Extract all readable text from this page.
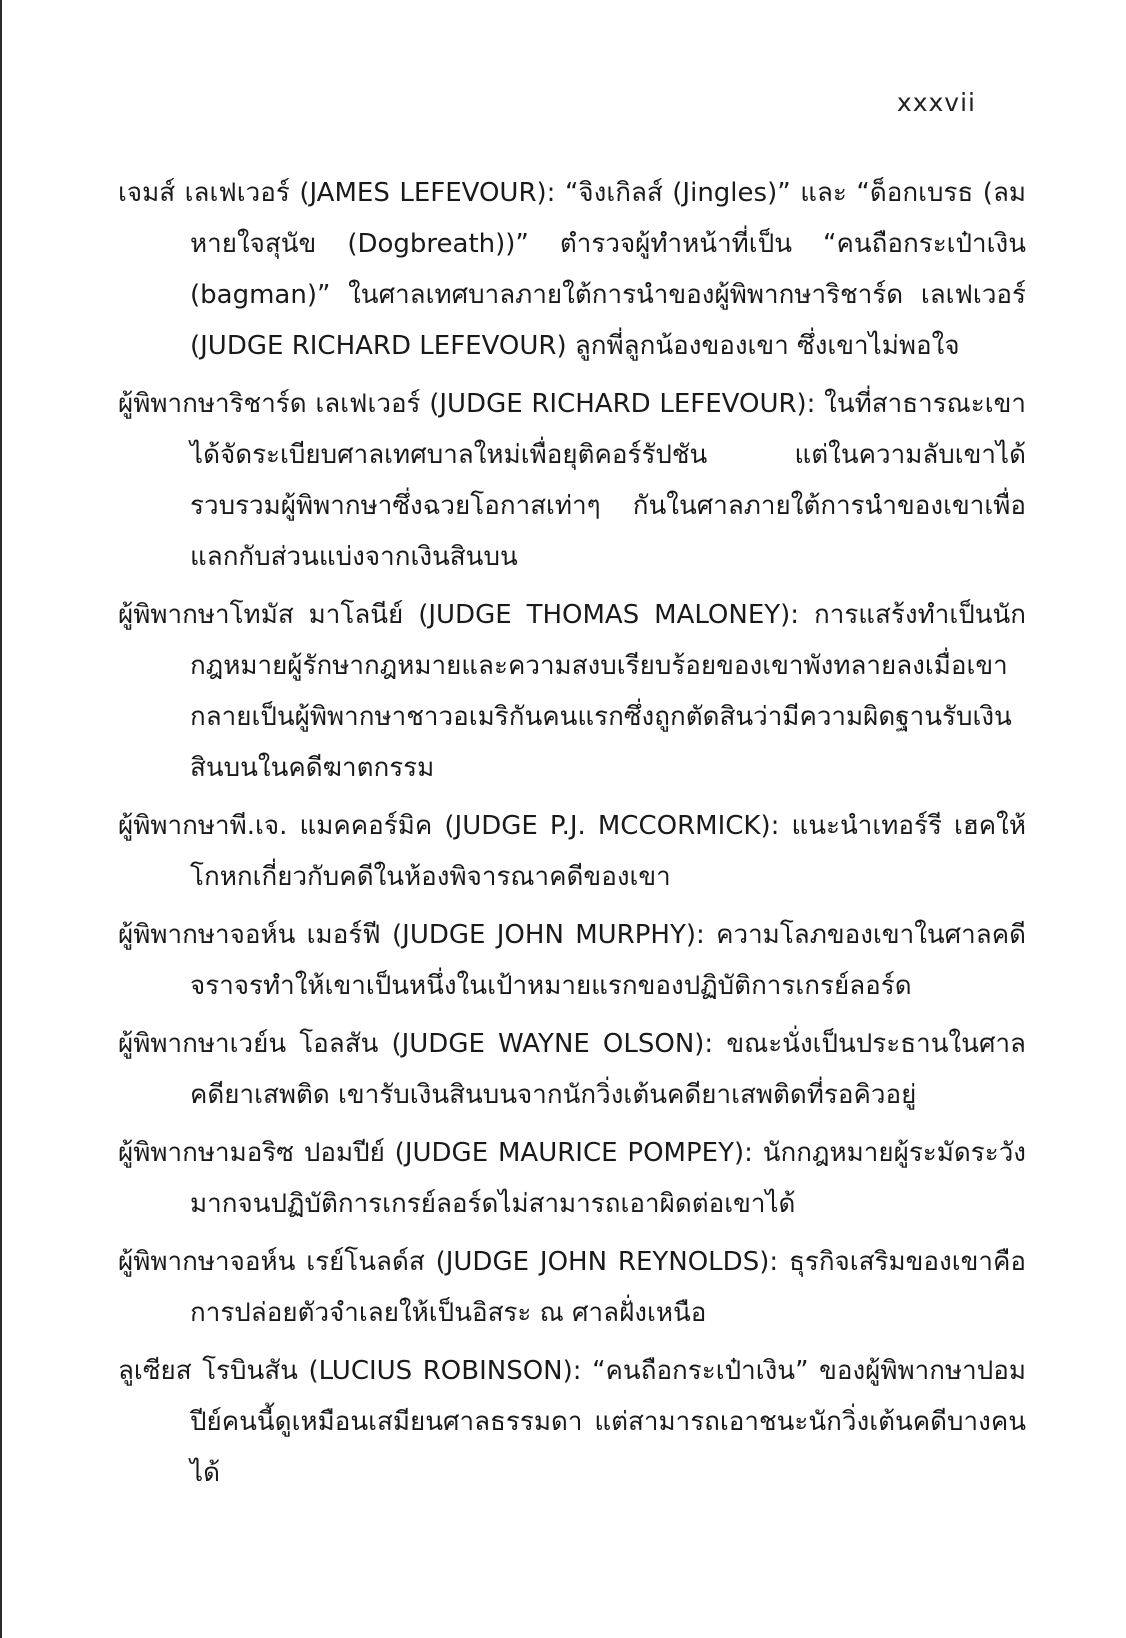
xxxvii

เจมส์ เลเฟเวอร์ (JAMES LEFEVOUR): “จิงเกิลส์ (Jingles)” และ “ด็อกเบรธ (ลมหายใจสุนัข (Dogbreath))” ตำรวจผู้ทำหน้าที่เป็น “คนถือกระเป๋าเงิน (bagman)” ในศาลเทศบาลภายใต้การนำของผู้พิพากษาริชาร์ด เลเฟเวอร์ (JUDGE RICHARD LEFEVOUR) ลูกพี่ลูกน้องของเขา ซึ่งเขาไม่พอใจ

ผู้พิพากษาริชาร์ด เลเฟเวอร์ (JUDGE RICHARD LEFEVOUR): ในที่สาธารณะเขาได้จัดระเบียบศาลเทศบาลใหม่เพื่อยุติคอร์รัปชัน แต่ในความลับเขาได้รวบรวมผู้พิพากษาซึ่งฉวยโอกาสเท่าๆ กันในศาลภายใต้การนำของเขาเพื่อแลกกับส่วนแบ่งจากเงินสินบน

ผู้พิพากษาโทมัส มาโลนีย์ (JUDGE THOMAS MALONEY): การแสร้งทำเป็นนักกฎหมายผู้รักษากฎหมายและความสงบเรียบร้อยของเขาพังทลายลงเมื่อเขากลายเป็นผู้พิพากษาชาวอเมริกันคนแรกซึ่งถูกตัดสินว่ามีความผิดฐานรับเงินสินบนในคดีฆาตกรรม

ผู้พิพากษาพี.เจ. แมคคอร์มิค (JUDGE P.J. MCCORMICK): แนะนำเทอร์รี เฮคให้โกหกเกี่ยวกับคดีในห้องพิจารณาคดีของเขา

ผู้พิพากษาจอห์น เมอร์ฟี (JUDGE JOHN MURPHY): ความโลภของเขาในศาลคดีจราจรทำให้เขาเป็นหนึ่งในเป้าหมายแรกของปฏิบัติการเกรย์ลอร์ด

ผู้พิพากษาเวย์น โอลสัน (JUDGE WAYNE OLSON): ขณะนั่งเป็นประธานในศาลคดียาเสพติด เขารับเงินสินบนจากนักวิ่งเต้นคดียาเสพติดที่รอคิวอยู่

ผู้พิพากษามอริซ ปอมปีย์ (JUDGE MAURICE POMPEY): นักกฎหมายผู้ระมัดระวังมากจนปฏิบัติการเกรย์ลอร์ดไม่สามารถเอาผิดต่อเขาได้

ผู้พิพากษาจอห์น เรย์โนลด์ส (JUDGE JOHN REYNOLDS): ธุรกิจเสริมของเขาคือการปล่อยตัวจำเลยให้เป็นอิสระ ณ ศาลฝั่งเหนือ

ลูเซียส โรบินสัน (LUCIUS ROBINSON): “คนถือกระเป๋าเงิน” ของผู้พิพากษาปอมปีย์คนนี้ดูเหมือนเสมียนศาลธรรมดา แต่สามารถเอาชนะนักวิ่งเต้นคดีบางคนได้
